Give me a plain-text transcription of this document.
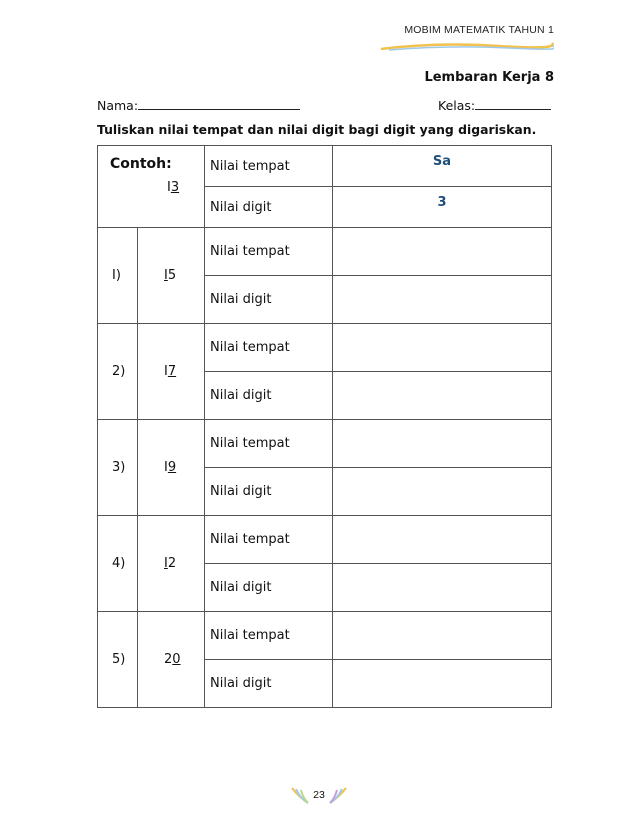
MOBIM MATEMATIK TAHUN 1
Lembaran Kerja 8
Nama:	Kelas:
Tuliskan nilai tempat dan nilai digit bagi digit yang digariskan.
Contoh:
I3		Nilai tempat	Sa
		Nilai digit	3
I)	I5	Nilai tempat	
		Nilai digit	
2)	I7	Nilai tempat	
		Nilai digit	
3)	I9	Nilai tempat	
		Nilai digit	
4)	I2	Nilai tempat	
		Nilai digit	
5)	20	Nilai tempat	
		Nilai digit	
23
